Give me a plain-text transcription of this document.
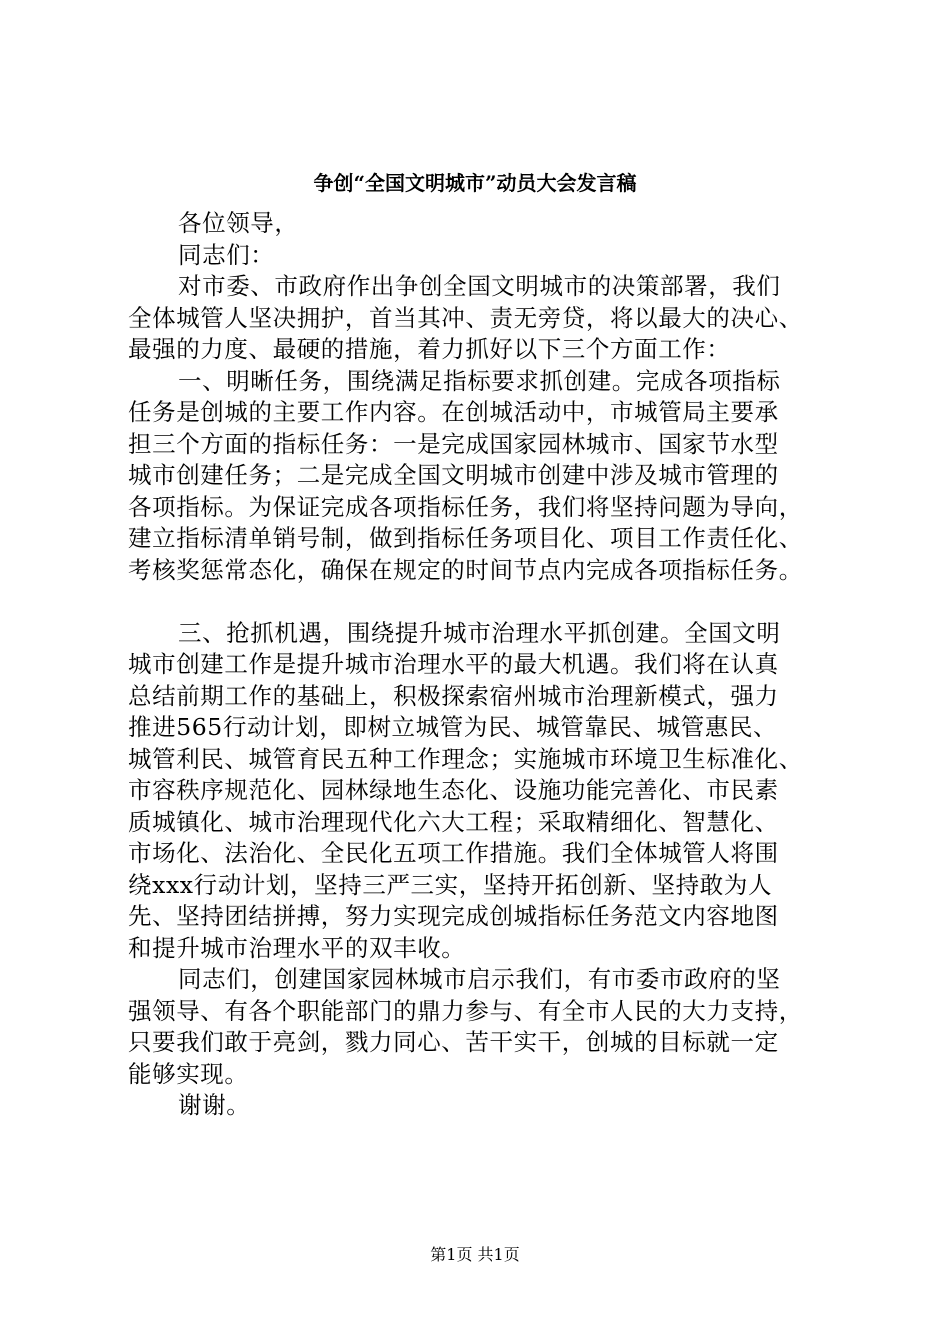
争创“全国文明城市”动员大会发言稿
各位领导，
同志们：
对市委、市政府作出争创全国文明城市的决策部署，我们
全体城管人坚决拥护，首当其冲、责无旁贷，将以最大的决心、
最强的力度、最硬的措施，着力抓好以下三个方面工作：
一、明晰任务，围绕满足指标要求抓创建。完成各项指标
任务是创城的主要工作内容。在创城活动中，市城管局主要承
担三个方面的指标任务：一是完成国家园林城市、国家节水型
城市创建任务；二是完成全国文明城市创建中涉及城市管理的
各项指标。为保证完成各项指标任务，我们将坚持问题为导向，
建立指标清单销号制，做到指标任务项目化、项目工作责任化、
考核奖惩常态化，确保在规定的时间节点内完成各项指标任务。
三、抢抓机遇，围绕提升城市治理水平抓创建。全国文明
城市创建工作是提升城市治理水平的最大机遇。我们将在认真
总结前期工作的基础上，积极探索宿州城市治理新模式，强力
推进565行动计划，即树立城管为民、城管靠民、城管惠民、
城管利民、城管育民五种工作理念；实施城市环境卫生标准化、
市容秩序规范化、园林绿地生态化、设施功能完善化、市民素
质城镇化、城市治理现代化六大工程；采取精细化、智慧化、
市场化、法治化、全民化五项工作措施。我们全体城管人将围
绕xxx行动计划，坚持三严三实，坚持开拓创新、坚持敢为人
先、坚持团结拼搏，努力实现完成创城指标任务范文内容地图
和提升城市治理水平的双丰收。
同志们，创建国家园林城市启示我们，有市委市政府的坚
强领导、有各个职能部门的鼎力参与、有全市人民的大力支持，
只要我们敢于亮剑，戮力同心、苦干实干，创城的目标就一定
能够实现。
谢谢。
第1页 共1页
